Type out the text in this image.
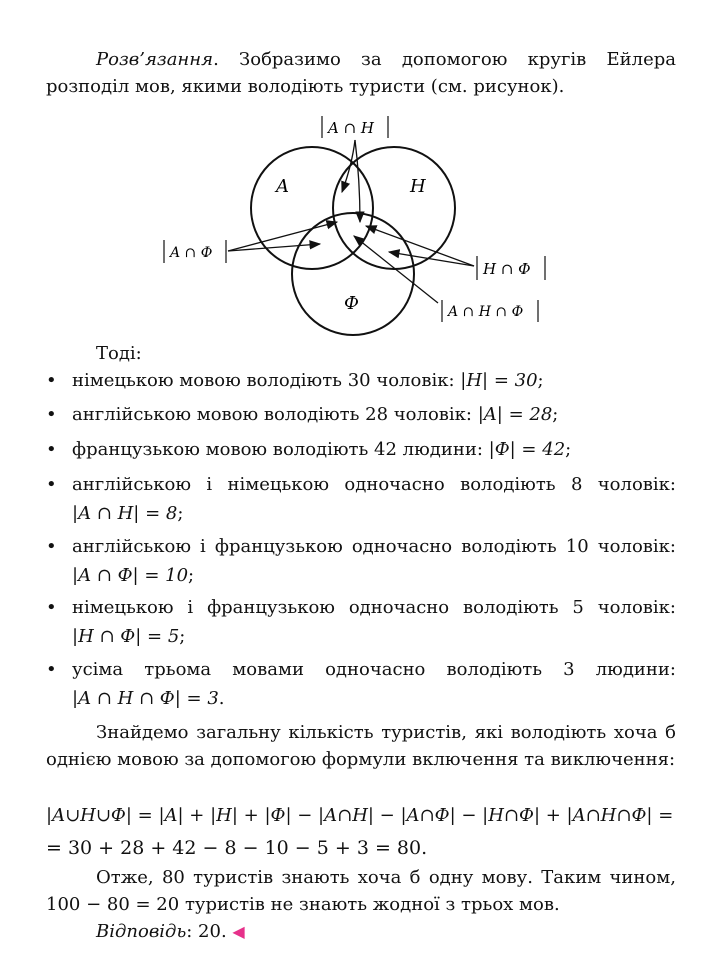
Розв’язання. Зобразимо за допомогою кругів Ейлера розподіл мов, якими володіють туристи (см. рисунок).

A	H
Ф
A ∩ H
A ∩ Ф
H ∩ Ф
A ∩ H ∩ Ф

Тоді:

• німецькою мовою володіють 30 чоловік: |H| = 30;
• англійською мовою володіють 28 чоловік: |A| = 28;
• французькою мовою володіють 42 людини: |Ф| = 42;
• англійською і німецькою одночасно володіють 8 чоловік: |A ∩ H| = 8;
• англійською і французькою одночасно володіють 10 чоловік: |A ∩ Ф| = 10;
• німецькою і французькою одночасно володіють 5 чоловік: |H ∩ Ф| = 5;
• усіма трьома мовами одночасно володіють 3 людини: |A ∩ H ∩ Ф| = 3.

Знайдемо загальну кількість туристів, які володіють хоча б однією мовою за допомогою формули включення та виключення:

|A∪H∪Ф| = |A| + |H| + |Ф| − |A∩H| − |A∩Ф| − |H∩Ф| + |A∩H∩Ф| =
= 30 + 28 + 42 − 8 − 10 − 5 + 3 = 80.

Отже, 80 туристів знають хоча б одну мову. Таким чином, 100 − 80 = 20 туристів не знають жодної з трьох мов.

Відповідь: 20. ◀
